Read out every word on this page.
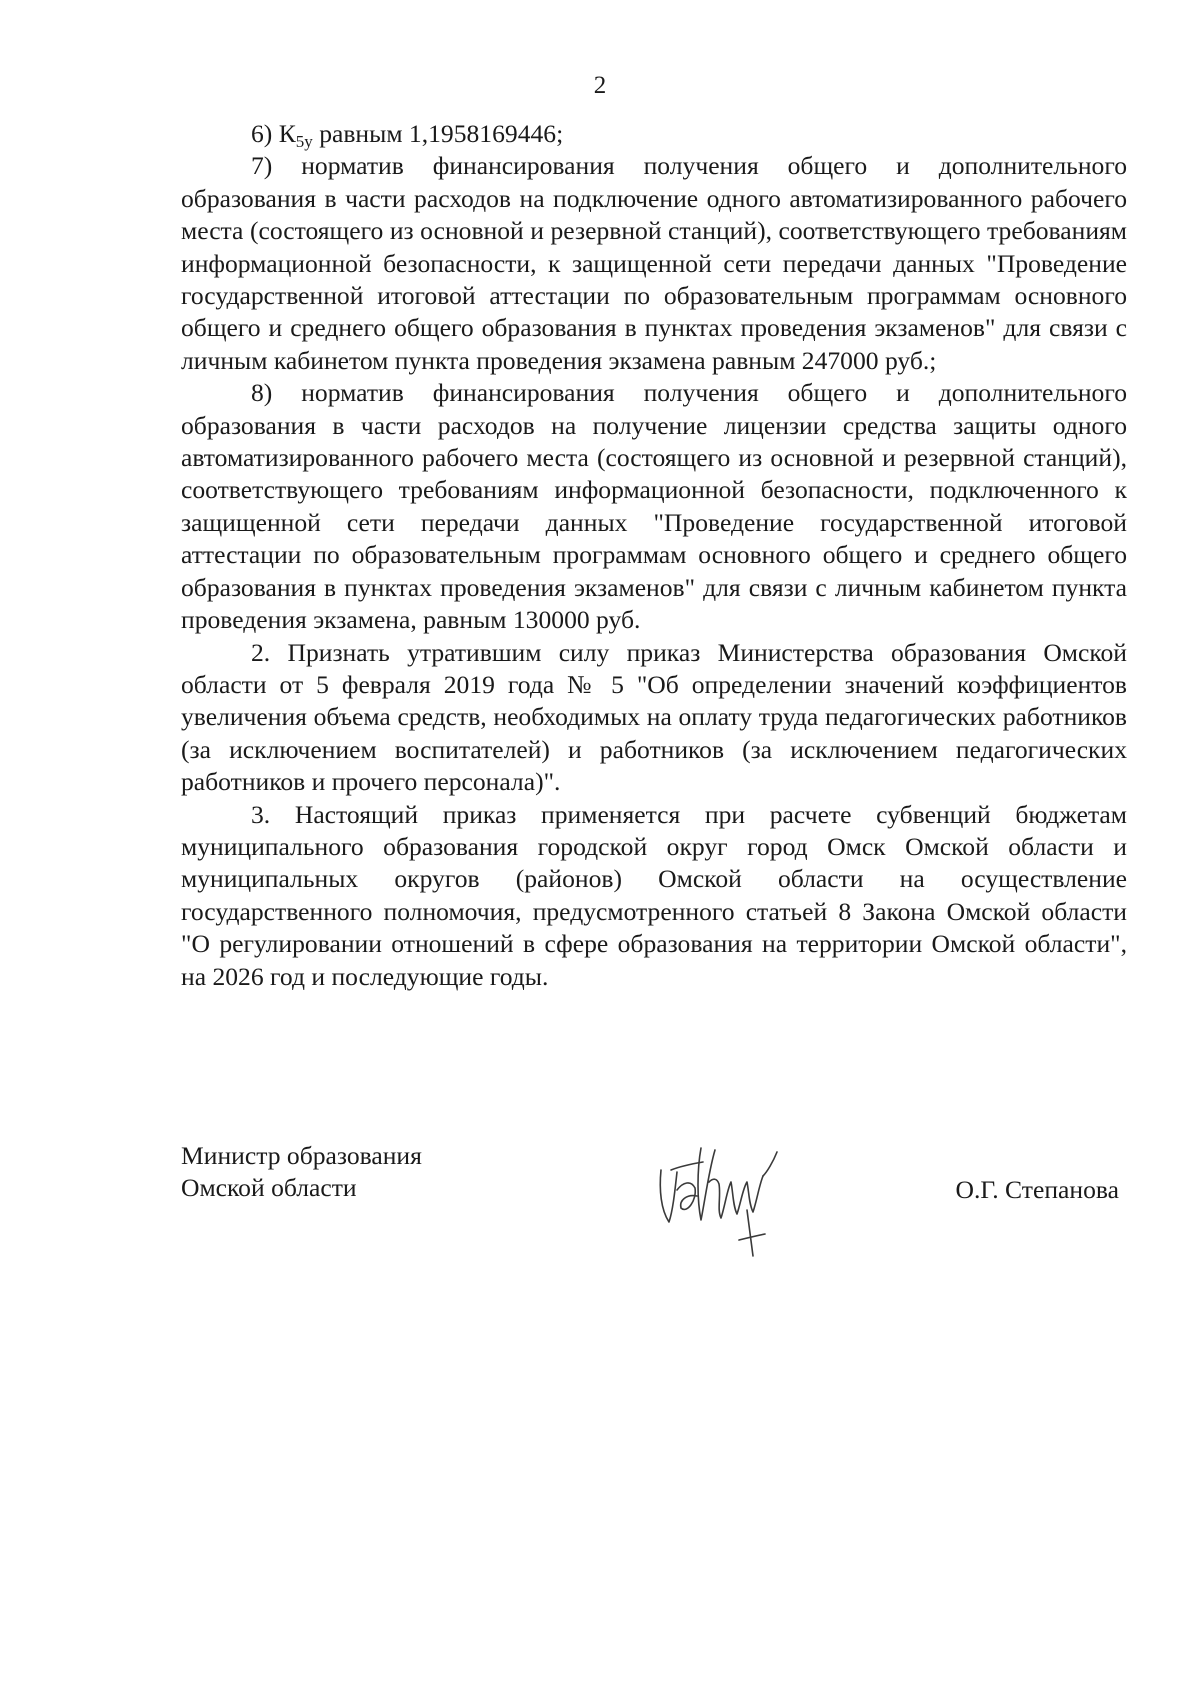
2

6) $К_{5у}$ равным 1,1958169446;

7) норматив финансирования получения общего и дополнительного образования в части расходов на подключение одного автоматизированного рабочего места (состоящего из основной и резервной станций), соответствующего требованиям информационной безопасности, к защищенной сети передачи данных "Проведение государственной итоговой аттестации по образовательным программам основного общего и среднего общего образования в пунктах проведения экзаменов" для связи с личным кабинетом пункта проведения экзамена равным 247000 руб.;

8) норматив финансирования получения общего и дополнительного образования в части расходов на получение лицензии средства защиты одного автоматизированного рабочего места (состоящего из основной и резервной станций), соответствующего требованиям информационной безопасности, подключенного к защищенной сети передачи данных "Проведение государственной итоговой аттестации по образовательным программам основного общего и среднего общего образования в пунктах проведения экзаменов" для связи с личным кабинетом пункта проведения экзамена, равным 130000 руб.

2. Признать утратившим силу приказ Министерства образования Омской области от 5 февраля 2019 года № 5 "Об определении значений коэффициентов увеличения объема средств, необходимых на оплату труда педагогических работников (за исключением воспитателей) и работников (за исключением педагогических работников и прочего персонала)".

3. Настоящий приказ применяется при расчете субвенций бюджетам муниципального образования городской округ город Омск Омской области и муниципальных округов (районов) Омской области на осуществление государственного полномочия, предусмотренного статьей 8 Закона Омской области "О регулировании отношений в сфере образования на территории Омской области", на 2026 год и последующие годы.

Министр образования
Омской области	О.Г. Степанова
